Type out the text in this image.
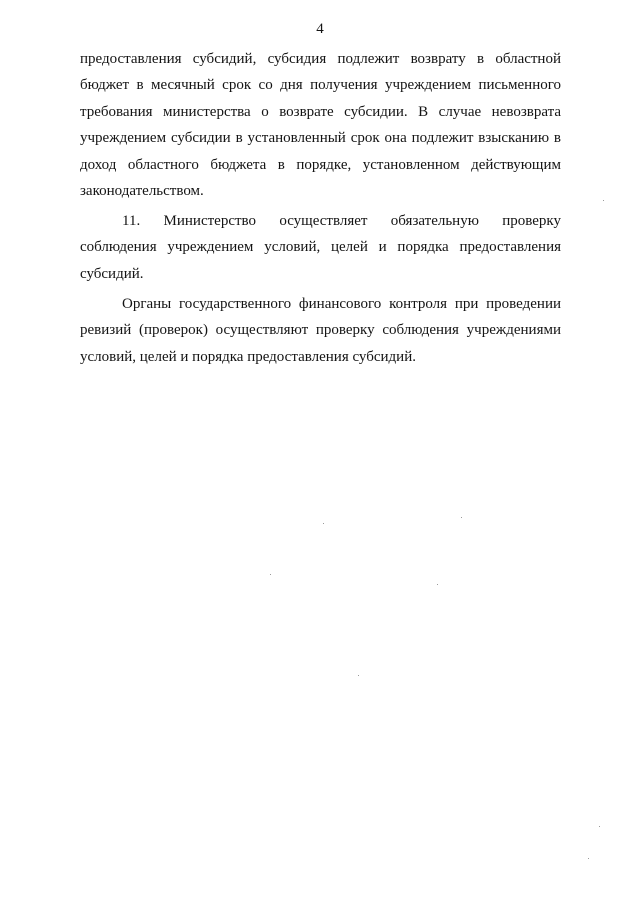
4
предоставления субсидий, субсидия подлежит возврату в областной бюджет в месячный срок со дня получения учреждением письменного требования министерства о возврате субсидии. В случае невозврата учреждением субсидии в установленный срок она подлежит взысканию в доход областного бюджета в порядке, установленном действующим законодательством.
11. Министерство осуществляет обязательную проверку соблюдения учреждением условий, целей и порядка предоставления субсидий.
Органы государственного финансового контроля при проведении ревизий (проверок) осуществляют проверку соблюдения учреждениями условий, целей и порядка предоставления субсидий.
